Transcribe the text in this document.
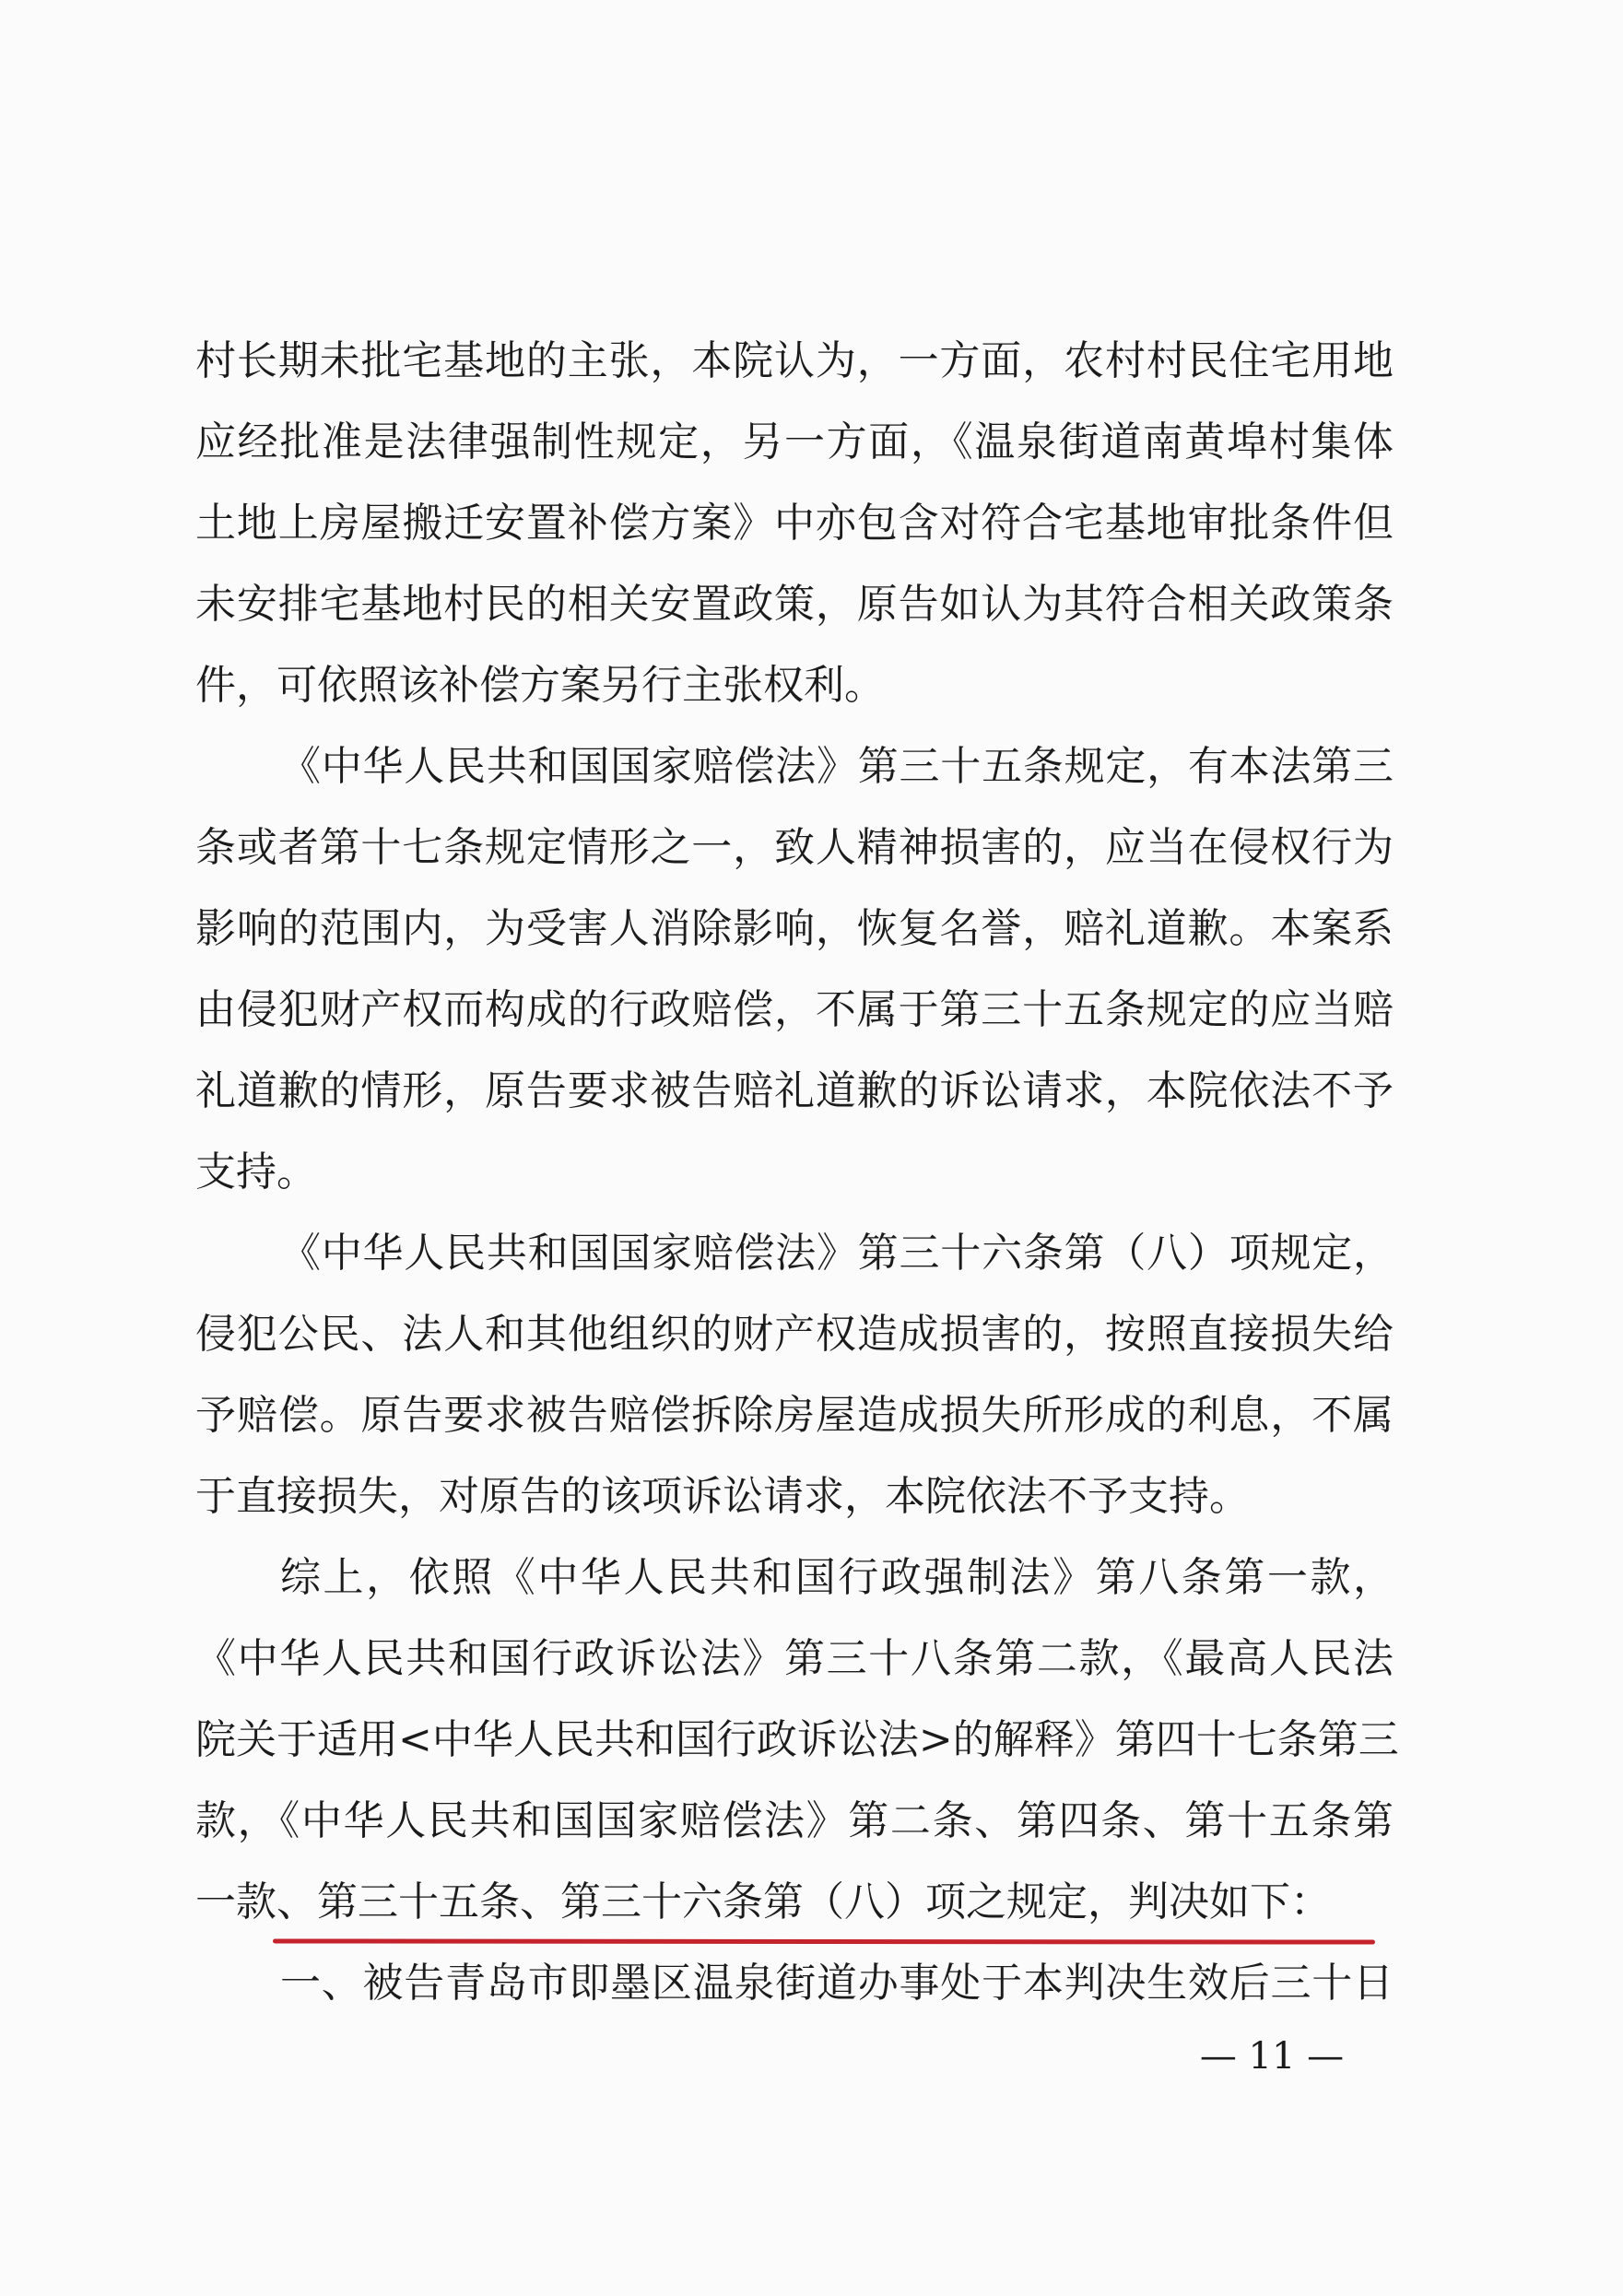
村长期未批宅基地的主张，本院认为，一方面，农村村民住宅用地
应经批准是法律强制性规定，另一方面，《温泉街道南黄埠村集体
土地上房屋搬迁安置补偿方案》中亦包含对符合宅基地审批条件但
未安排宅基地村民的相关安置政策，原告如认为其符合相关政策条
件，可依照该补偿方案另行主张权利。
《中华人民共和国国家赔偿法》第三十五条规定，有本法第三
条或者第十七条规定情形之一，致人精神损害的，应当在侵权行为
影响的范围内，为受害人消除影响，恢复名誉，赔礼道歉。本案系
由侵犯财产权而构成的行政赔偿，不属于第三十五条规定的应当赔
礼道歉的情形，原告要求被告赔礼道歉的诉讼请求，本院依法不予
支持。
《中华人民共和国国家赔偿法》第三十六条第（八）项规定，
侵犯公民、法人和其他组织的财产权造成损害的，按照直接损失给
予赔偿。原告要求被告赔偿拆除房屋造成损失所形成的利息，不属
于直接损失，对原告的该项诉讼请求，本院依法不予支持。
综上，依照《中华人民共和国行政强制法》第八条第一款，
《中华人民共和国行政诉讼法》第三十八条第二款，《最高人民法
院关于适用<中华人民共和国行政诉讼法>的解释》第四十七条第三
款，《中华人民共和国国家赔偿法》第二条、第四条、第十五条第
一款、第三十五条、第三十六条第（八）项之规定，判决如下：
一、被告青岛市即墨区温泉街道办事处于本判决生效后三十日
— 11 —
